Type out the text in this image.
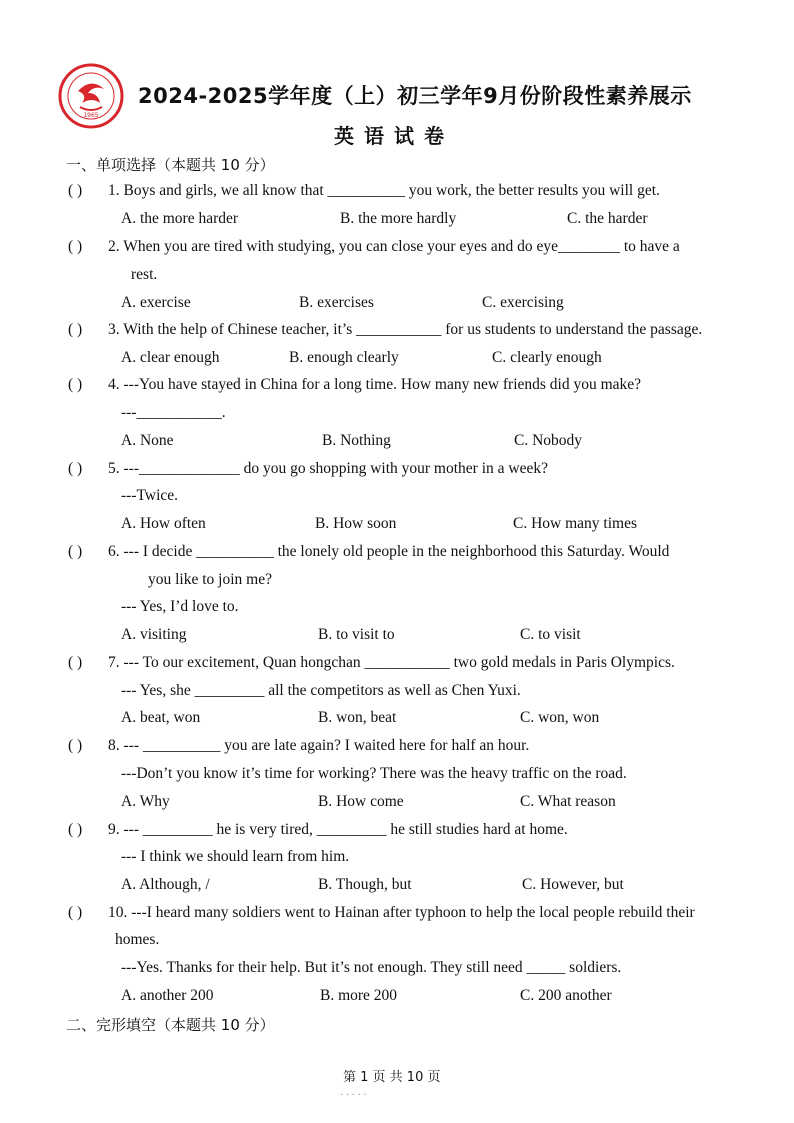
1965
2024-2025学年度（上）初三学年9月份阶段性素养展示
英语试卷
一、单项选择（本题共 10 分）
( ) 1. Boys and girls, we all know that __________ you work, the better results you will get.
A. the more harder	B. the more hardly	C. the harder
( ) 2. When you are tired with studying, you can close your eyes and do eye________ to have a
rest.
A. exercise	B. exercises	C. exercising
( ) 3. With the help of Chinese teacher, it’s ___________ for us students to understand the passage.
A. clear enough	B. enough clearly	C. clearly enough
( ) 4. ---You have stayed in China for a long time. How many new friends did you make?
---___________.
A. None	B. Nothing	C. Nobody
( ) 5. ---_____________ do you go shopping with your mother in a week?
---Twice.
A. How often	B. How soon	C. How many times
( ) 6. --- I decide __________ the lonely old people in the neighborhood this Saturday. Would
you like to join me?
--- Yes, I’d love to.
A. visiting	B. to visit to	C. to visit
( ) 7. --- To our excitement, Quan hongchan ___________ two gold medals in Paris Olympics.
--- Yes, she _________ all the competitors as well as Chen Yuxi.
A. beat, won	B. won, beat	C. won, won
( ) 8. --- __________ you are late again? I waited here for half an hour.
---Don’t you know it’s time for working? There was the heavy traffic on the road.
A. Why	B. How come	C. What reason
( ) 9. --- _________ he is very tired, _________ he still studies hard at home.
--- I think we should learn from him.
A. Although, /	B. Though, but	C. However, but
( ) 10. ---I heard many soldiers went to Hainan after typhoon to help the local people rebuild their
homes.
---Yes. Thanks for their help. But it’s not enough. They still need _____ soldiers.
A. another 200	B. more 200	C. 200 another
二、完形填空（本题共 10 分）
第 1 页 共 10 页
· · · · ·
